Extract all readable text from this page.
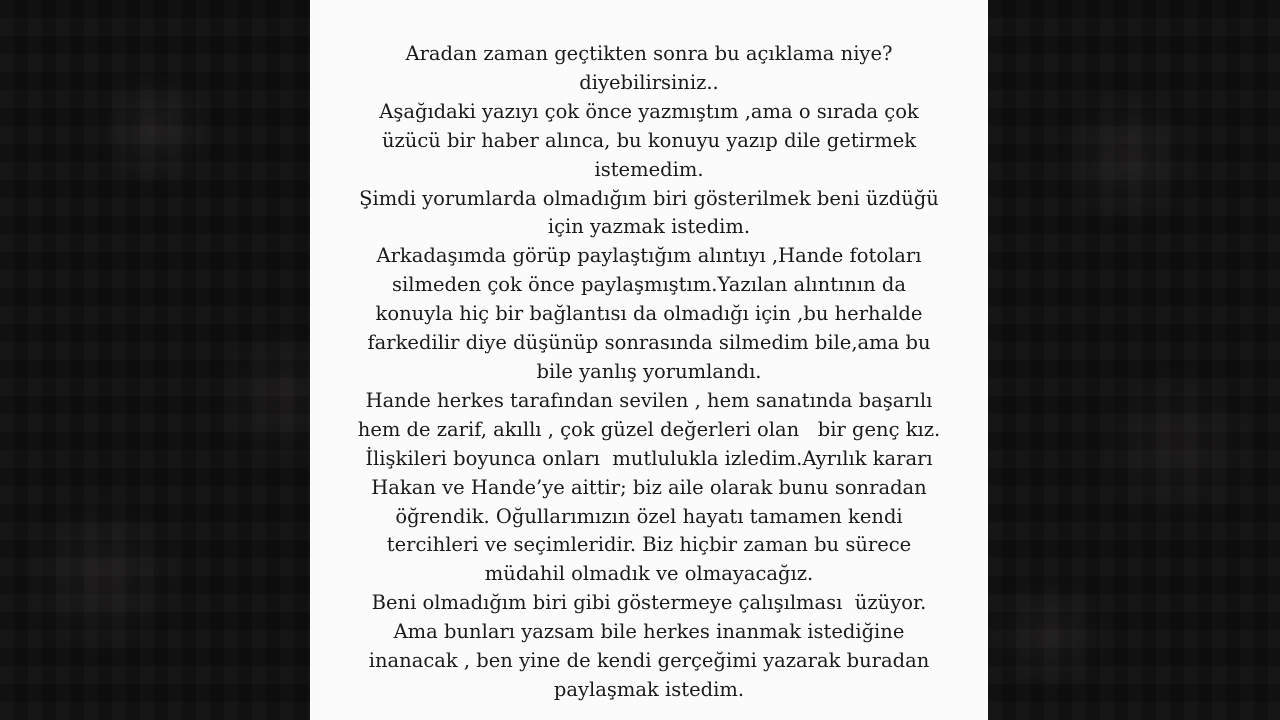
Aradan zaman geçtikten sonra bu açıklama niye?
diyebilirsiniz..
Aşağıdaki yazıyı çok önce yazmıştım ,ama o sırada çok
üzücü bir haber alınca, bu konuyu yazıp dile getirmek
istemedim.
Şimdi yorumlarda olmadığım biri gösterilmek beni üzdüğü
için yazmak istedim.
Arkadaşımda görüp paylaştığım alıntıyı ,Hande fotoları
silmeden çok önce paylaşmıştım.Yazılan alıntının da
konuyla hiç bir bağlantısı da olmadığı için ,bu herhalde
farkedilir diye düşünüp sonrasında silmedim bile,ama bu
bile yanlış yorumlandı.
Hande herkes tarafından sevilen , hem sanatında başarılı
hem de zarif, akıllı , çok güzel değerleri olan   bir genç kız.
İlişkileri boyunca onları  mutlulukla izledim.Ayrılık kararı
Hakan ve Hande’ye aittir; biz aile olarak bunu sonradan
öğrendik. Oğullarımızın özel hayatı tamamen kendi
tercihleri ve seçimleridir. Biz hiçbir zaman bu sürece
müdahil olmadık ve olmayacağız.
Beni olmadığım biri gibi göstermeye çalışılması  üzüyor.
Ama bunları yazsam bile herkes inanmak istediğine
inanacak , ben yine de kendi gerçeğimi yazarak buradan
paylaşmak istedim.
